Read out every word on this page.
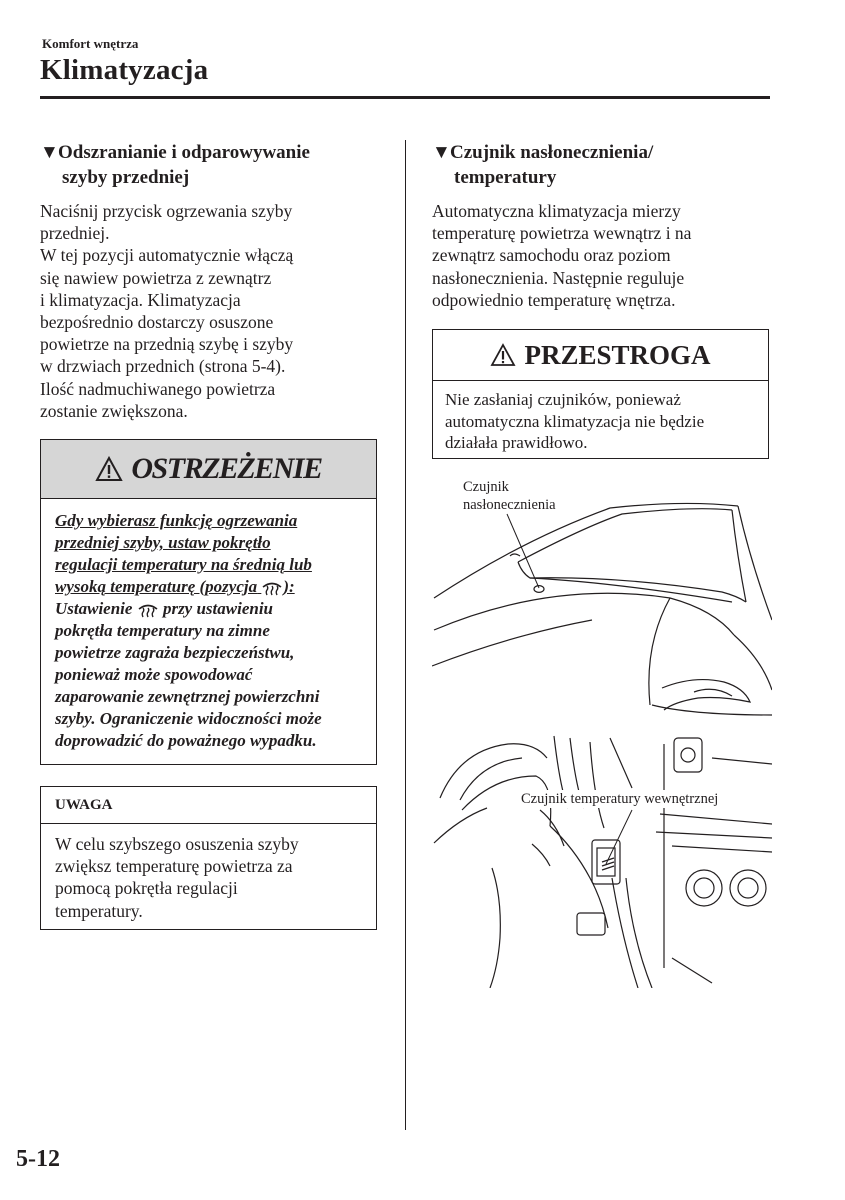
Komfort wnętrza
Klimatyzacja
▼Odszranianie i odparowywanie
szyby przedniej
Naciśnij przycisk ogrzewania szyby
przedniej.
W tej pozycji automatycznie włączą
się nawiew powietrza z zewnątrz
i klimatyzacja. Klimatyzacja
bezpośrednio dostarczy osuszone
powietrze na przednią szybę i szyby
w drzwiach przednich (strona 5-4).
Ilość nadmuchiwanego powietrza
zostanie zwiększona.
OSTRZEŻENIE
Gdy wybierasz funkcję ogrzewania
przedniej szyby, ustaw pokrętło
regulacji temperatury na średnią lub
wysoką temperaturę (pozycja ):
Ustawienie przy ustawieniu
pokrętła temperatury na zimne
powietrze zagraża bezpieczeństwu,
ponieważ może spowodować
zaparowanie zewnętrznej powierzchni
szyby. Ograniczenie widoczności może
doprowadzić do poważnego wypadku.
UWAGA
W celu szybszego osuszenia szyby
zwiększ temperaturę powietrza za
pomocą pokrętła regulacji
temperatury.
▼Czujnik nasłonecznienia/
temperatury
Automatyczna klimatyzacja mierzy
temperaturę powietrza wewnątrz i na
zewnątrz samochodu oraz poziom
nasłonecznienia. Następnie reguluje
odpowiednio temperaturę wnętrza.
PRZESTROGA
Nie zasłaniaj czujników, ponieważ
automatyczna klimatyzacja nie będzie
działała prawidłowo.
Czujnik
nasłonecznienia
Czujnik temperatury wewnętrznej
5-12
